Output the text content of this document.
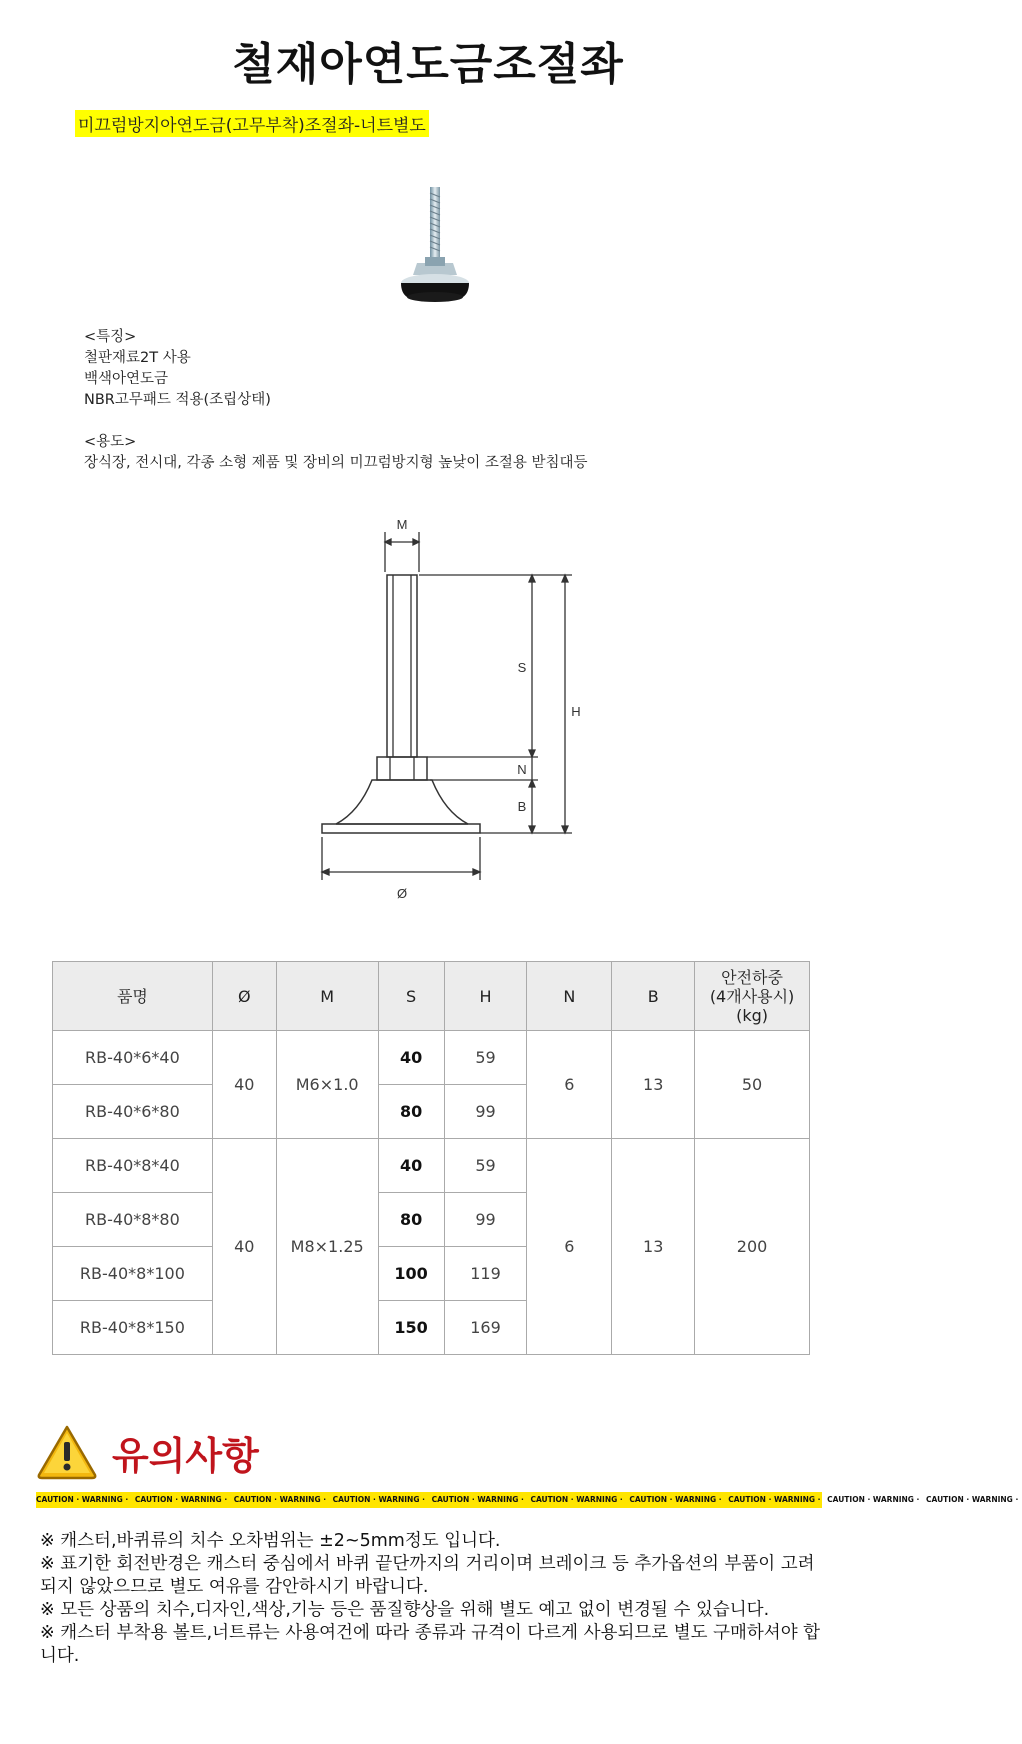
철재아연도금조절좌
미끄럼방지아연도금(고무부착)조절좌-너트별도
<특징>
철판재료2T 사용
백색아연도금
NBR고무패드 적용(조립상태)
<용도>
장식장, 전시대, 각종 소형 제품 및 장비의 미끄럼방지형 높낮이 조절용 받침대등
M
S
N
B
H
Ø
품명	Ø	M	S	H	N	B	안전하중
(4개사용시)
(kg)

RB-40*6*40	40	M6×1.0	40	59	6	13	50
RB-40*6*80			80	99			
RB-40*8*40	40	M8×1.25	40	59	6	13	200
RB-40*8*80			80	99			
RB-40*8*100			100	119			
RB-40*8*150			150	169			
유의사항
CAUTION · WARNING · CAUTION · WARNING · CAUTION · WARNING · CAUTION · WARNING · CAUTION · WARNING · CAUTION · WARNING · CAUTION · WARNING · CAUTION · WARNING · CAUTION · WARNING · CAUTION · WARNING ·
※ 캐스터,바퀴류의 치수 오차범위는 ±2~5mm정도 입니다.
※ 표기한 회전반경은 캐스터 중심에서 바퀴 끝단까지의 거리이며 브레이크 등 추가옵션의 부품이 고려되지 않았으므로 별도 여유를 감안하시기 바랍니다.
※ 모든 상품의 치수,디자인,색상,기능 등은 품질향상을 위해 별도 예고 없이 변경될 수 있습니다.
※ 캐스터 부착용 볼트,너트류는 사용여건에 따라 종류과 규격이 다르게 사용되므로 별도 구매하셔야 합니다.
